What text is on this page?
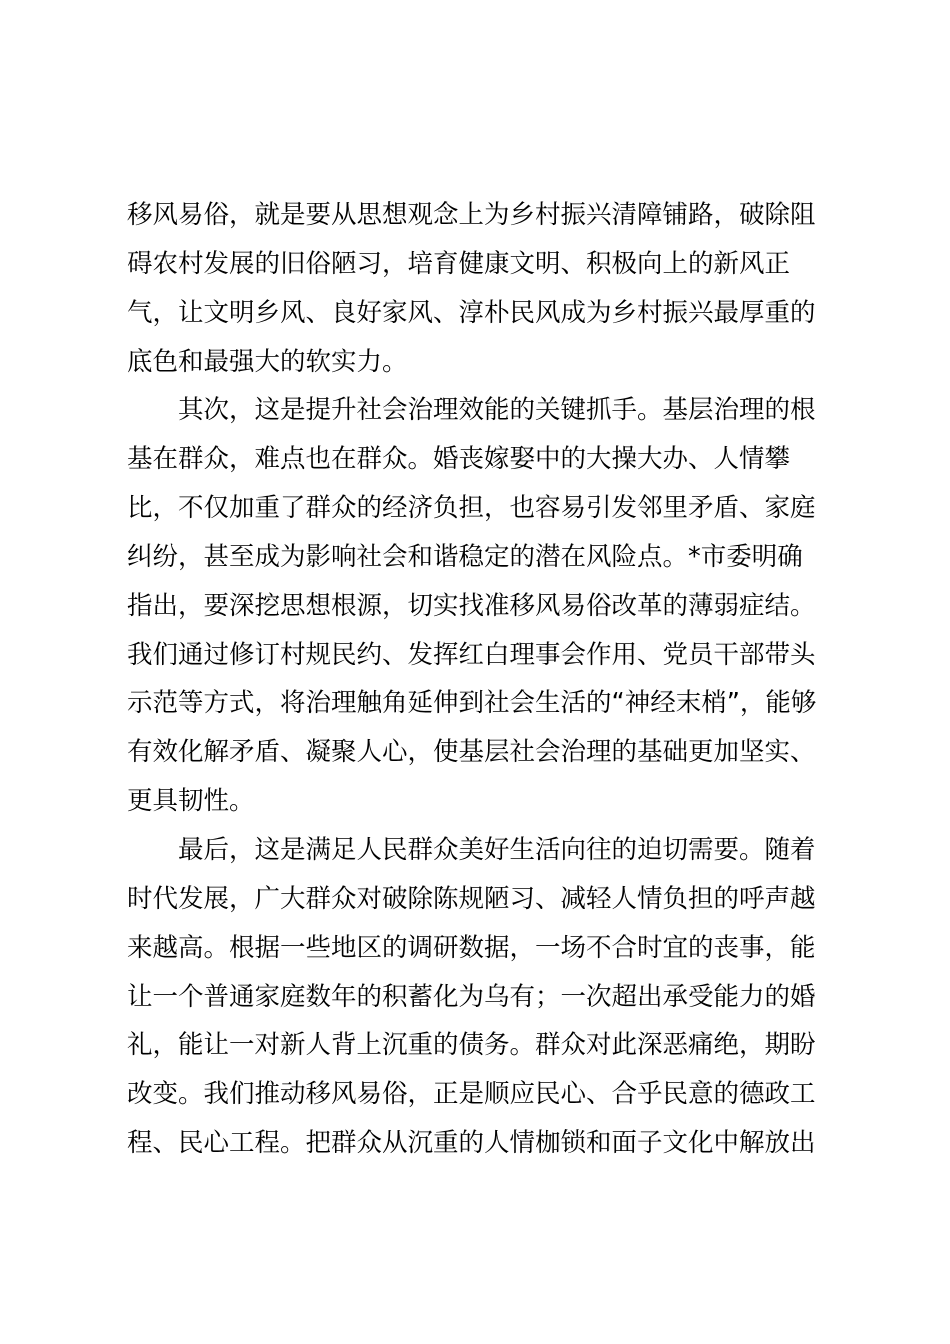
移风易俗，就是要从思想观念上为乡村振兴清障铺路，破除阻
碍农村发展的旧俗陋习，培育健康文明、积极向上的新风正
气，让文明乡风、良好家风、淳朴民风成为乡村振兴最厚重的
底色和最强大的软实力。
其次，这是提升社会治理效能的关键抓手。基层治理的根
基在群众，难点也在群众。婚丧嫁娶中的大操大办、人情攀
比，不仅加重了群众的经济负担，也容易引发邻里矛盾、家庭
纠纷，甚至成为影响社会和谐稳定的潜在风险点。*市委明确
指出，要深挖思想根源，切实找准移风易俗改革的薄弱症结。
我们通过修订村规民约、发挥红白理事会作用、党员干部带头
示范等方式，将治理触角延伸到社会生活的“神经末梢”，能够
有效化解矛盾、凝聚人心，使基层社会治理的基础更加坚实、
更具韧性。
最后，这是满足人民群众美好生活向往的迫切需要。随着
时代发展，广大群众对破除陈规陋习、减轻人情负担的呼声越
来越高。根据一些地区的调研数据，一场不合时宜的丧事，能
让一个普通家庭数年的积蓄化为乌有；一次超出承受能力的婚
礼，能让一对新人背上沉重的债务。群众对此深恶痛绝，期盼
改变。我们推动移风易俗，正是顺应民心、合乎民意的德政工
程、民心工程。把群众从沉重的人情枷锁和面子文化中解放出
